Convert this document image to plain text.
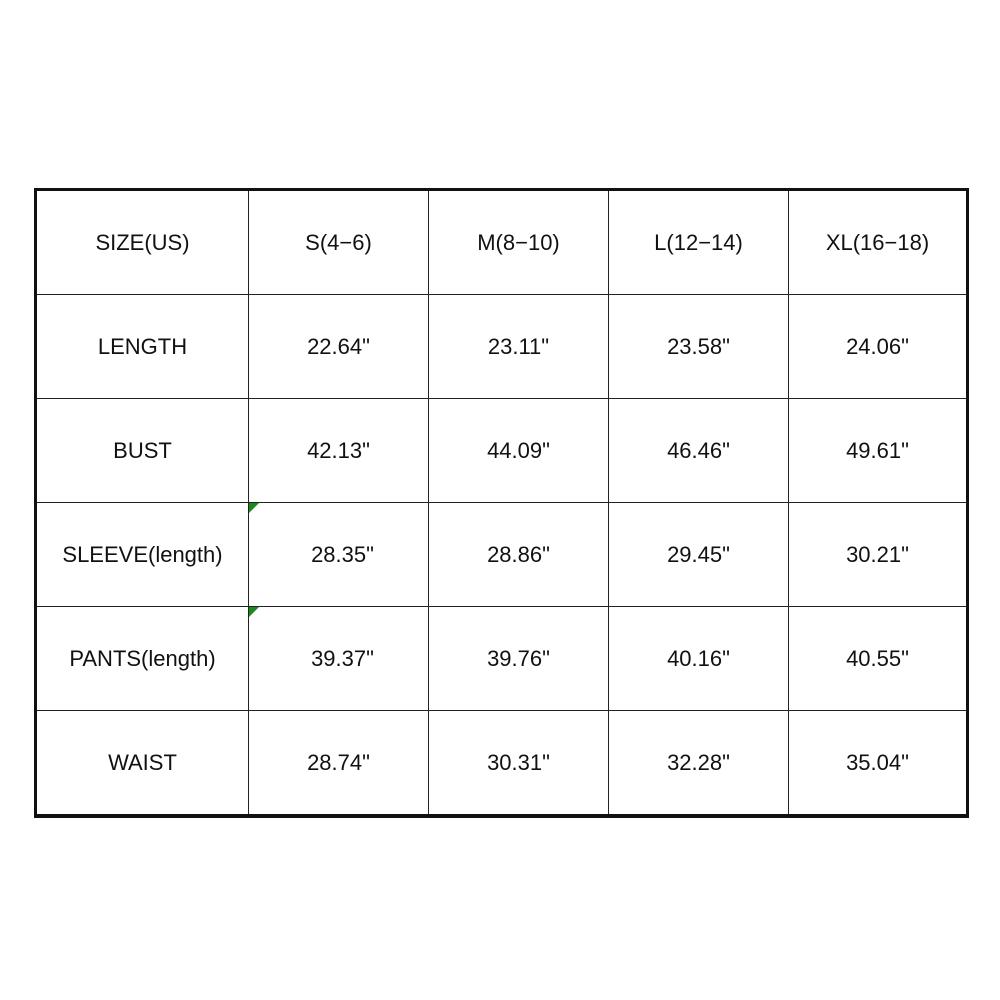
SIZE(US)	S(4−6)	M(8−10)	L(12−14)	XL(16−18)
LENGTH	22.64"	23.11"	23.58"	24.06"
BUST	42.13"	44.09"	46.46"	49.61"
SLEEVE(length)	28.35"	28.86"	29.45"	30.21"
PANTS(length)	39.37"	39.76"	40.16"	40.55"
WAIST	28.74"	30.31"	32.28"	35.04"
